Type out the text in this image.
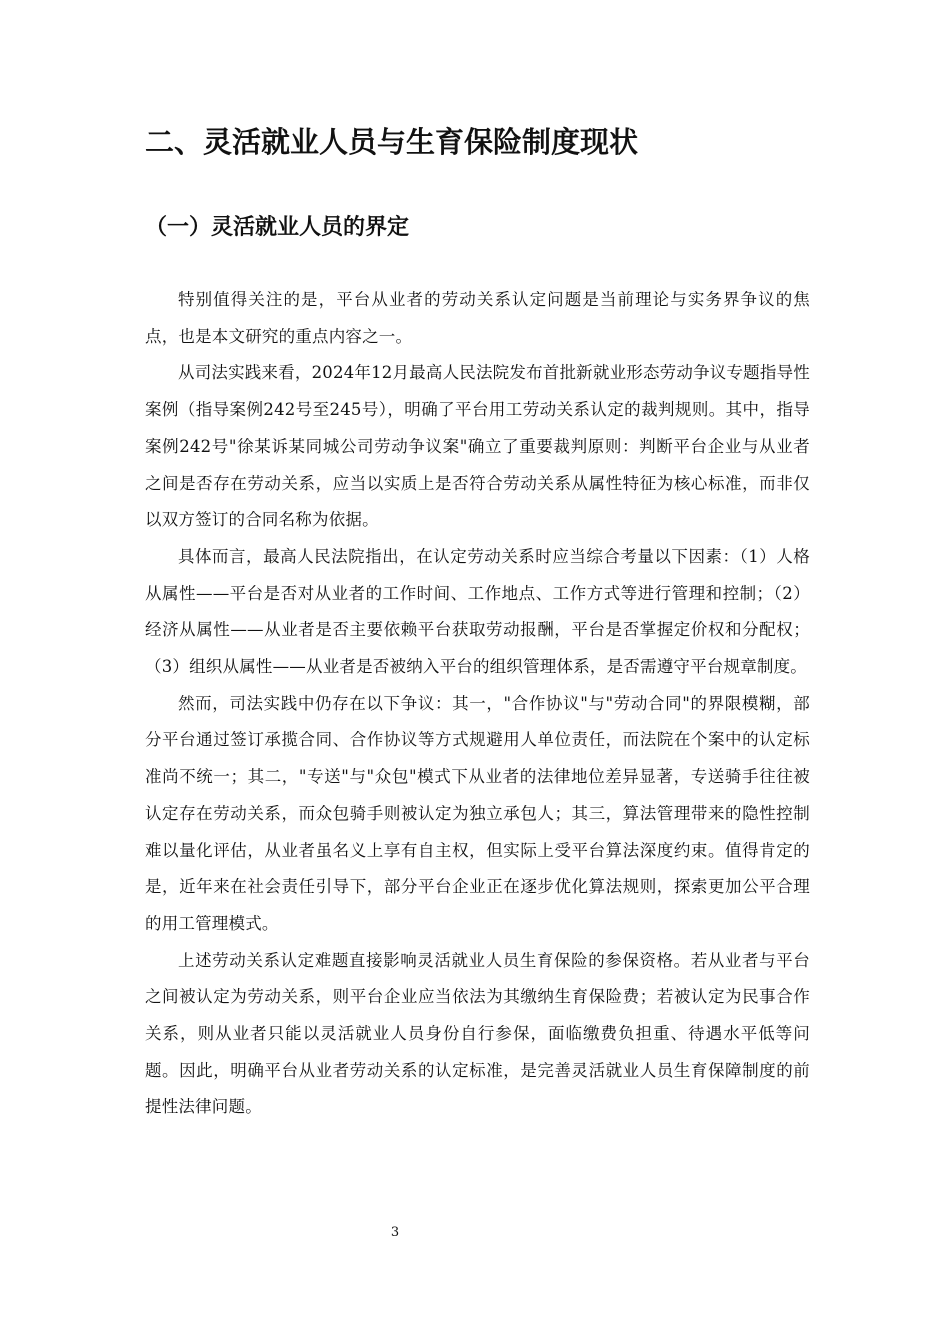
二、灵活就业人员与生育保险制度现状
（一）灵活就业人员的界定

特别值得关注的是，平台从业者的劳动关系认定问题是当前理论与实务界争议的焦点，也是本文研究的重点内容之一。

从司法实践来看，2024年12月最高人民法院发布首批新就业形态劳动争议专题指导性案例（指导案例242号至245号），明确了平台用工劳动关系认定的裁判规则。其中，指导案例242号"徐某诉某同城公司劳动争议案"确立了重要裁判原则：判断平台企业与从业者之间是否存在劳动关系，应当以实质上是否符合劳动关系从属性特征为核心标准，而非仅以双方签订的合同名称为依据。

具体而言，最高人民法院指出，在认定劳动关系时应当综合考量以下因素：（1）人格从属性——平台是否对从业者的工作时间、工作地点、工作方式等进行管理和控制；（2）经济从属性——从业者是否主要依赖平台获取劳动报酬，平台是否掌握定价权和分配权；（3）组织从属性——从业者是否被纳入平台的组织管理体系，是否需遵守平台规章制度。

然而，司法实践中仍存在以下争议：其一，"合作协议"与"劳动合同"的界限模糊，部分平台通过签订承揽合同、合作协议等方式规避用人单位责任，而法院在个案中的认定标准尚不统一；其二，"专送"与"众包"模式下从业者的法律地位差异显著，专送骑手往往被认定存在劳动关系，而众包骑手则被认定为独立承包人；其三，算法管理带来的隐性控制难以量化评估，从业者虽名义上享有自主权，但实际上受平台算法深度约束。值得肯定的是，近年来在社会责任引导下，部分平台企业正在逐步优化算法规则，探索更加公平合理的用工管理模式。

上述劳动关系认定难题直接影响灵活就业人员生育保险的参保资格。若从业者与平台之间被认定为劳动关系，则平台企业应当依法为其缴纳生育保险费；若被认定为民事合作关系，则从业者只能以灵活就业人员身份自行参保，面临缴费负担重、待遇水平低等问题。因此，明确平台从业者劳动关系的认定标准，是完善灵活就业人员生育保障制度的前提性法律问题。

3
